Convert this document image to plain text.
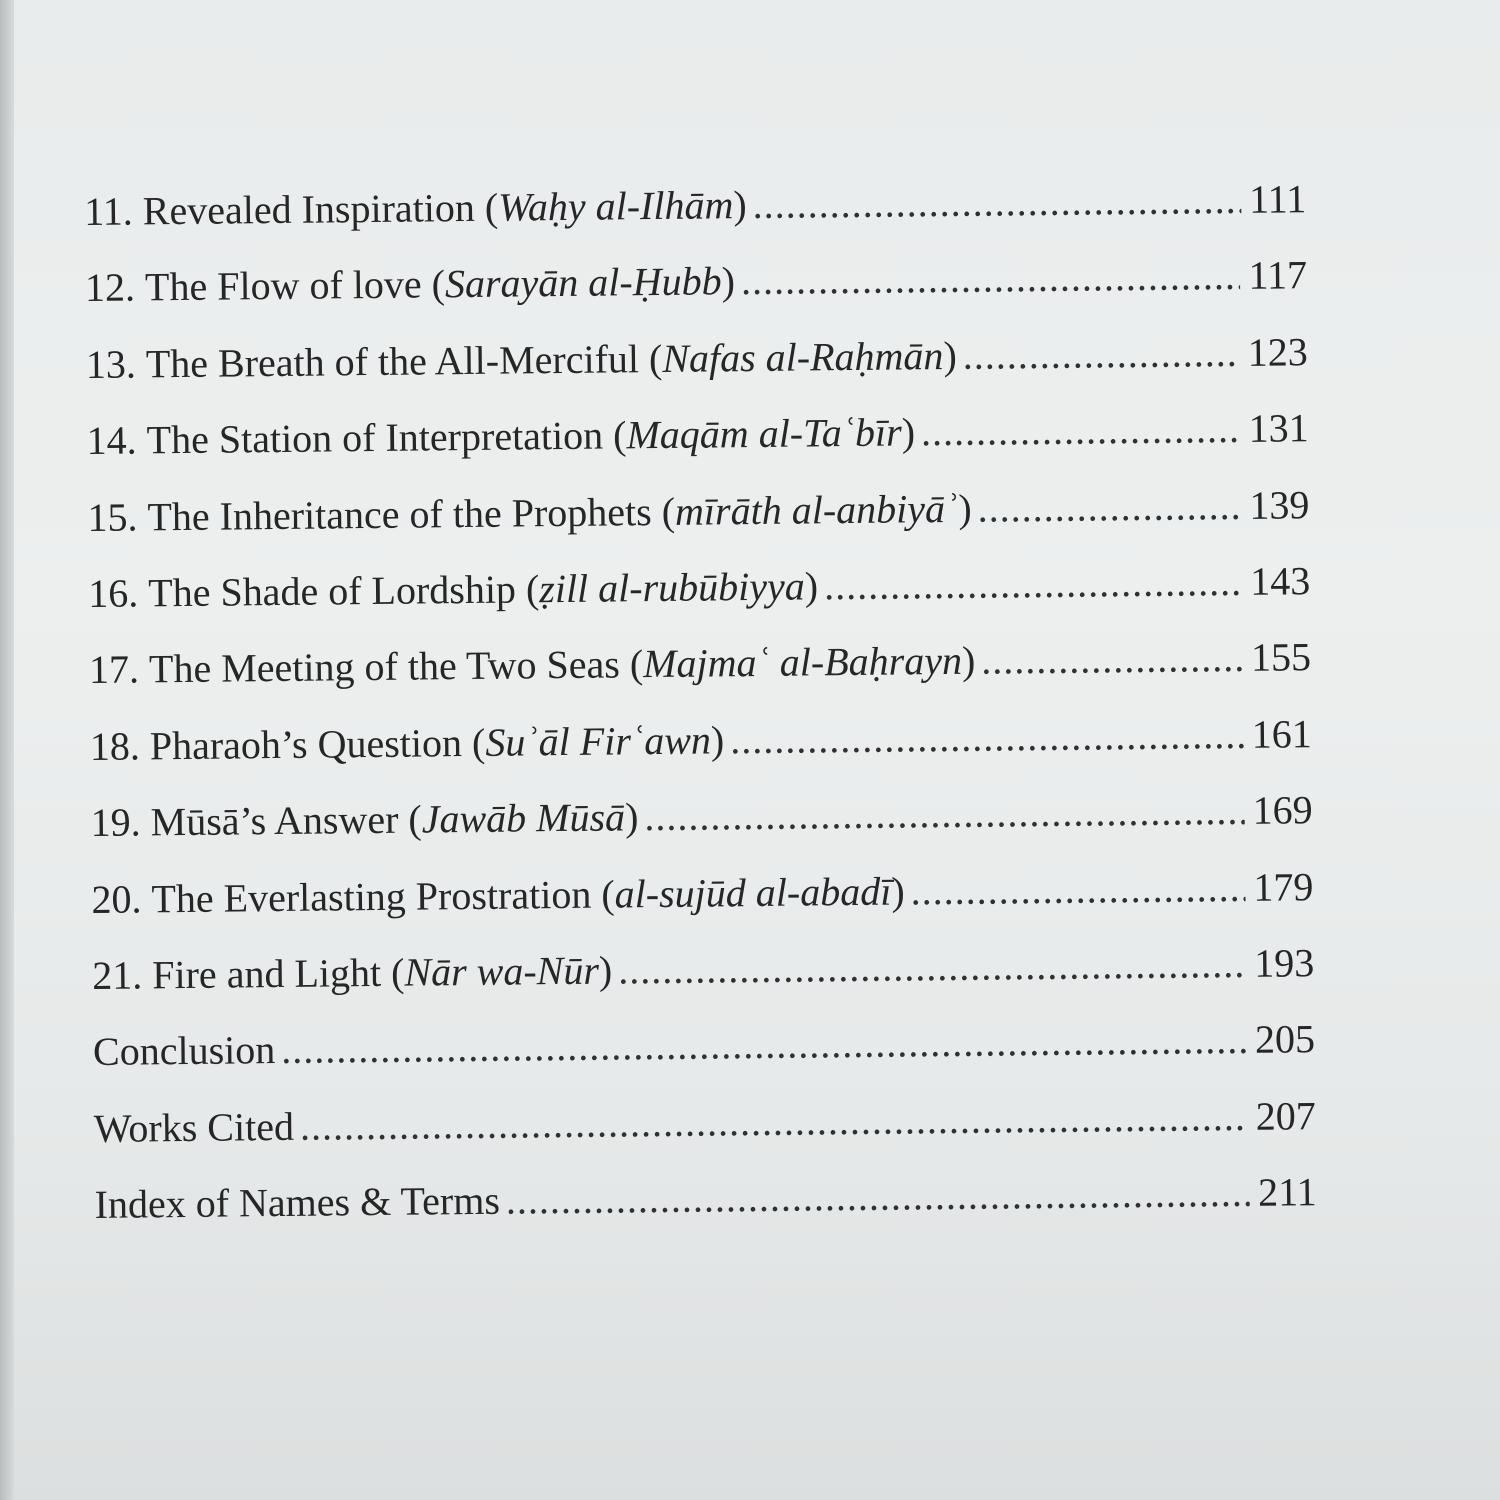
11. Revealed Inspiration (Waḥy al-Ilhām) .....	111
12. The Flow of love (Sarayān al-Ḥubb) .....	117
13. The Breath of the All-Merciful (Nafas al-Raḥmān) .....	123
14. The Station of Interpretation (Maqām al-Taʿbīr) .....	131
15. The Inheritance of the Prophets (mīrāth al-anbiyāʾ) .....	139
16. The Shade of Lordship (ẓill al-rubūbiyya) .....	143
17. The Meeting of the Two Seas (Majmaʿ al-Baḥrayn) .....	155
18. Pharaoh’s Question (Suʾāl Firʿawn) .....	161
19. Mūsā’s Answer (Jawāb Mūsā) .....	169
20. The Everlasting Prostration (al-sujūd al-abadī) .....	179
21. Fire and Light (Nār wa-Nūr) .....	193
Conclusion .....	205
Works Cited .....	207
Index of Names & Terms .....	211
